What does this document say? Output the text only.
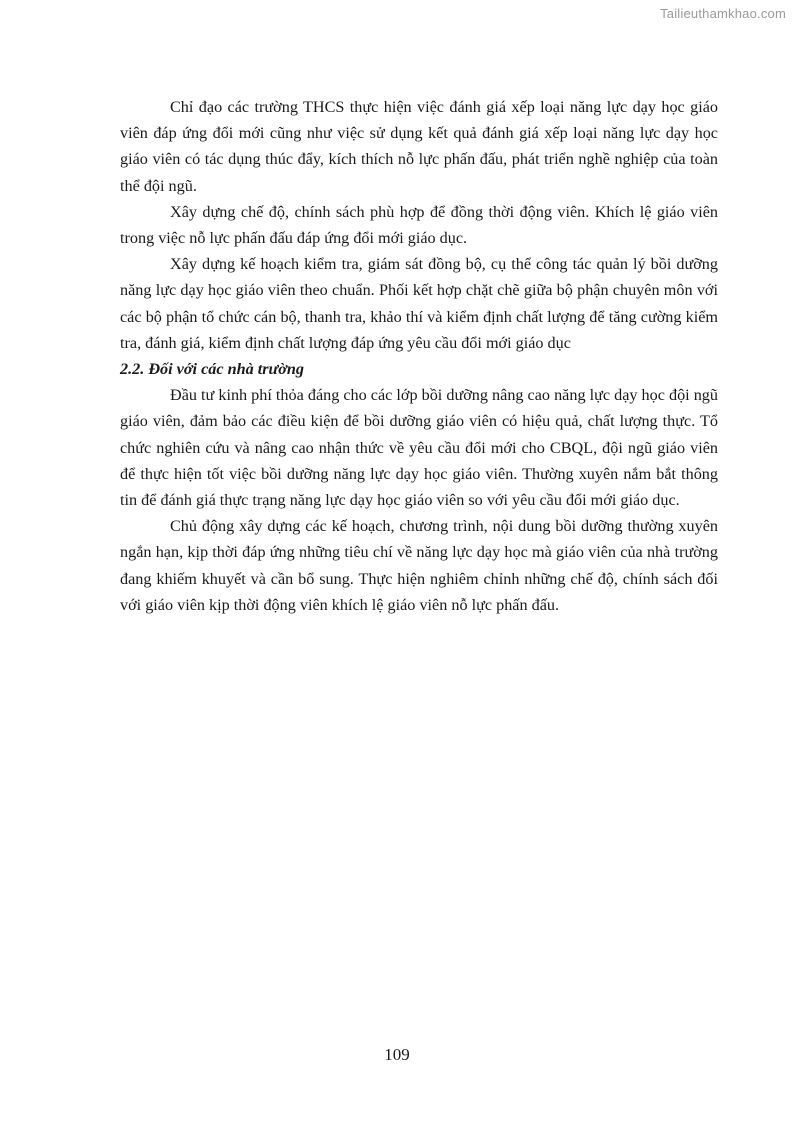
Tailieuthamkhao.com

Chỉ đạo các trường THCS thực hiện việc đánh giá xếp loại năng lực dạy học giáo viên đáp ứng đổi mới cũng như việc sử dụng kết quả đánh giá xếp loại năng lực dạy học giáo viên có tác dụng thúc đẩy, kích thích nỗ lực phấn đấu, phát triển nghề nghiệp của toàn thể đội ngũ.

Xây dựng chế độ, chính sách phù hợp để đồng thời động viên. Khích lệ giáo viên trong việc nỗ lực phấn đấu đáp ứng đổi mới giáo dục.

Xây dựng kế hoạch kiểm tra, giám sát đồng bộ, cụ thể công tác quản lý bồi dưỡng năng lực dạy học giáo viên theo chuẩn. Phối kết hợp chặt chẽ giữa bộ phận chuyên môn với các bộ phận tổ chức cán bộ, thanh tra, khảo thí và kiểm định chất lượng để tăng cường kiểm tra, đánh giá, kiểm định chất lượng đáp ứng yêu cầu đổi mới giáo dục

2.2. Đối với các nhà trường

Đầu tư kinh phí thỏa đáng cho các lớp bồi dưỡng nâng cao năng lực dạy học đội ngũ giáo viên, đảm bảo các điều kiện để bồi dưỡng giáo viên có hiệu quả, chất lượng thực. Tổ chức nghiên cứu và nâng cao nhận thức về yêu cầu đổi mới cho CBQL, đội ngũ giáo viên để thực hiện tốt việc bồi dưỡng năng lực dạy học giáo viên. Thường xuyên nắm bắt thông tin để đánh giá thực trạng năng lực dạy học giáo viên so với yêu cầu đổi mới giáo dục.

Chủ động xây dựng các kế hoạch, chương trình, nội dung bồi dưỡng thường xuyên ngắn hạn, kịp thời đáp ứng những tiêu chí về năng lực dạy học mà giáo viên của nhà trường đang khiếm khuyết và cần bổ sung. Thực hiện nghiêm chỉnh những chế độ, chính sách đối với giáo viên kịp thời động viên khích lệ giáo viên nỗ lực phấn đấu.

109
